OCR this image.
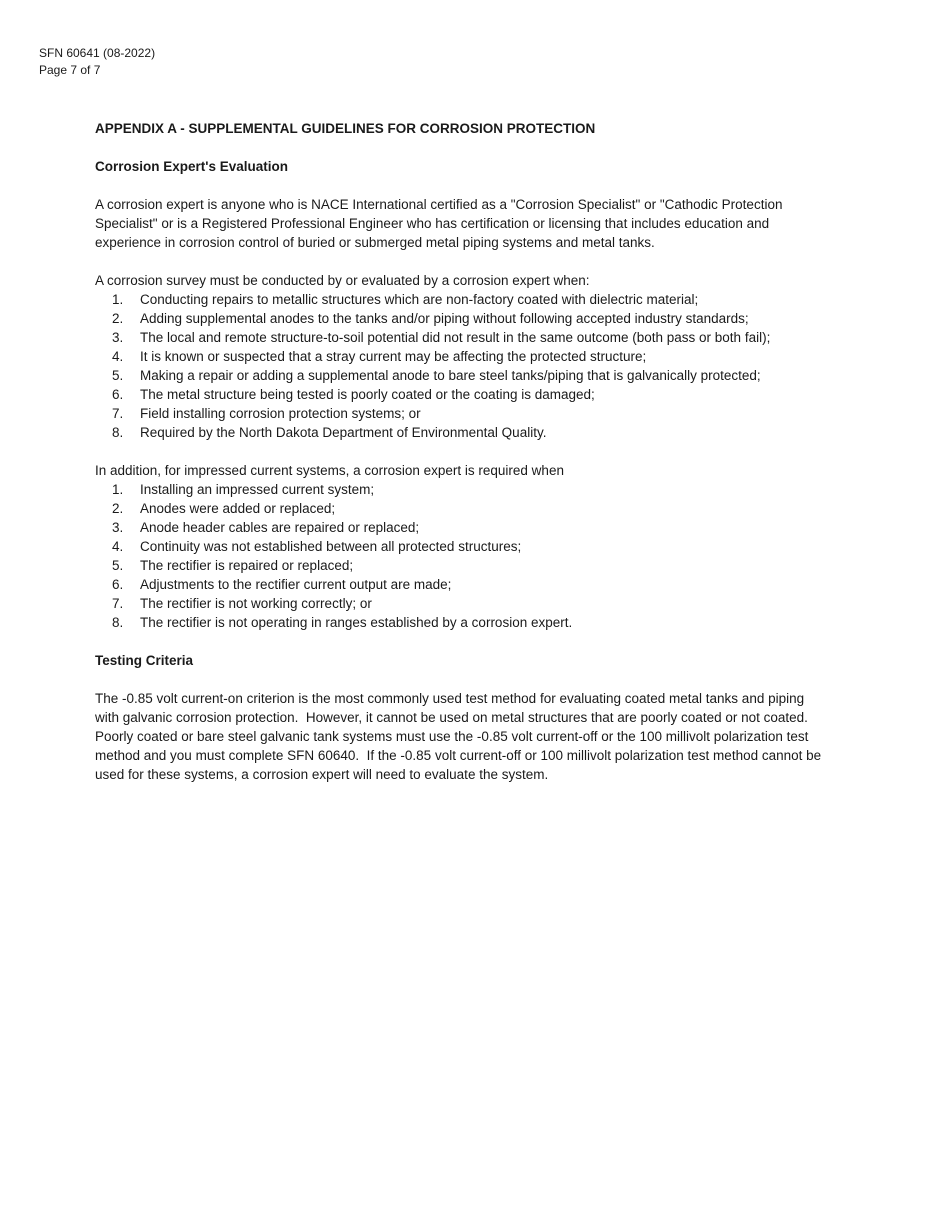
SFN 60641 (08-2022)
Page 7 of 7

APPENDIX A - SUPPLEMENTAL GUIDELINES FOR CORROSION PROTECTION

Corrosion Expert's Evaluation

A corrosion expert is anyone who is NACE International certified as a "Corrosion Specialist" or "Cathodic Protection Specialist" or is a Registered Professional Engineer who has certification or licensing that includes education and experience in corrosion control of buried or submerged metal piping systems and metal tanks.

A corrosion survey must be conducted by or evaluated by a corrosion expert when:

1.	Conducting repairs to metallic structures which are non-factory coated with dielectric material;
2.	Adding supplemental anodes to the tanks and/or piping without following accepted industry standards;
3.	The local and remote structure-to-soil potential did not result in the same outcome (both pass or both fail);
4.	It is known or suspected that a stray current may be affecting the protected structure;
5.	Making a repair or adding a supplemental anode to bare steel tanks/piping that is galvanically protected;
6.	The metal structure being tested is poorly coated or the coating is damaged;
7.	Field installing corrosion protection systems; or
8.	Required by the North Dakota Department of Environmental Quality.

In addition, for impressed current systems, a corrosion expert is required when

1.	Installing an impressed current system;
2.	Anodes were added or replaced;
3.	Anode header cables are repaired or replaced;
4.	Continuity was not established between all protected structures;
5.	The rectifier is repaired or replaced;
6.	Adjustments to the rectifier current output are made;
7.	The rectifier is not working correctly; or
8.	The rectifier is not operating in ranges established by a corrosion expert.

Testing Criteria

The -0.85 volt current-on criterion is the most commonly used test method for evaluating coated metal tanks and piping with galvanic corrosion protection.  However, it cannot be used on metal structures that are poorly coated or not coated.  Poorly coated or bare steel galvanic tank systems must use the -0.85 volt current-off or the 100 millivolt polarization test method and you must complete SFN 60640.  If the -0.85 volt current-off or 100 millivolt polarization test method cannot be used for these systems, a corrosion expert will need to evaluate the system.
